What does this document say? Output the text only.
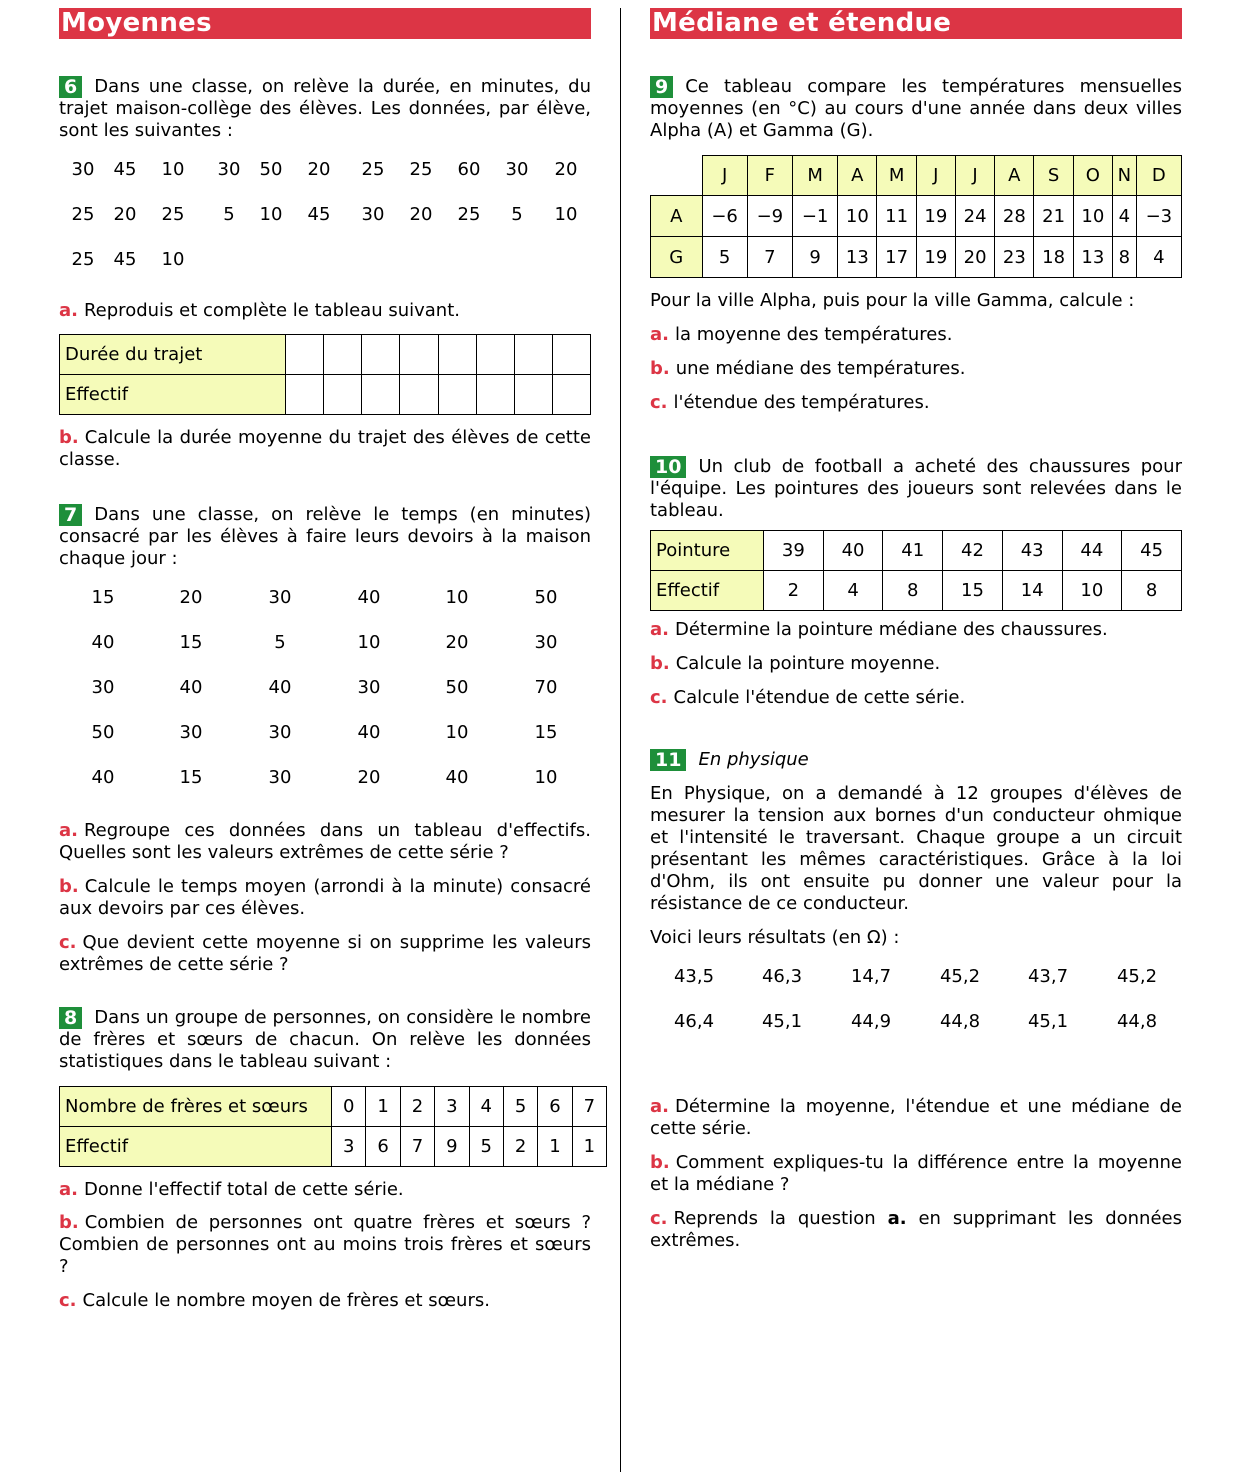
Moyennes

6 Dans une classe, on relève la durée, en minutes, du trajet maison-collège des élèves. Les données, par élève, sont les suivantes :

30	45	10	30	50	20	25	25	60	30	20
25	20	25	5	10	45	30	20	25	5	10
25	45	10

a. Reproduis et complète le tableau suivant.

Durée du trajet								
Effectif								

b. Calcule la durée moyenne du trajet des élèves de cette classe.

7 Dans une classe, on relève le temps (en minutes) consacré par les élèves à faire leurs devoirs à la maison chaque jour :

15	20	30	40	10	50
40	15	5	10	20	30
30	40	40	30	50	70
50	30	30	40	10	15
40	15	30	20	40	10

a. Regroupe ces données dans un tableau d'effectifs. Quelles sont les valeurs extrêmes de cette série ?

b. Calcule le temps moyen (arrondi à la minute) consacré aux devoirs par ces élèves.

c. Que devient cette moyenne si on supprime les valeurs extrêmes de cette série ?

8 Dans un groupe de personnes, on considère le nombre de frères et sœurs de chacun. On relève les données statistiques dans le tableau suivant :

Nombre de frères et sœurs	0	1	2	3	4	5	6	7
Effectif	3	6	7	9	5	2	1	1

a. Donne l'effectif total de cette série.

b. Combien de personnes ont quatre frères et sœurs ? Combien de personnes ont au moins trois frères et sœurs ?

c. Calcule le nombre moyen de frères et sœurs.

Médiane et étendue

9 Ce tableau compare les températures mensuelles moyennes (en °C) au cours d'une année dans deux villes Alpha (A) et Gamma (G).

	J	F	M	A	M	J	J	A	S	O	N	D
A	−6	−9	−1	10	11	19	24	28	21	10	4	−3
G	5	7	9	13	17	19	20	23	18	13	8	4

Pour la ville Alpha, puis pour la ville Gamma, calcule :

a. la moyenne des températures.

b. une médiane des températures.

c. l'étendue des températures.

10 Un club de football a acheté des chaussures pour l'équipe. Les pointures des joueurs sont relevées dans le tableau.

Pointure	39	40	41	42	43	44	45
Effectif	2	4	8	15	14	10	8

a. Détermine la pointure médiane des chaussures.

b. Calcule la pointure moyenne.

c. Calcule l'étendue de cette série.

11 En physique

En Physique, on a demandé à 12 groupes d'élèves de mesurer la tension aux bornes d'un conducteur ohmique et l'intensité le traversant. Chaque groupe a un circuit présentant les mêmes caractéristiques. Grâce à la loi d'Ohm, ils ont ensuite pu donner une valeur pour la résistance de ce conducteur.

Voici leurs résultats (en Ω) :

43,5	46,3	14,7	45,2	43,7	45,2
46,4	45,1	44,9	44,8	45,1	44,8

a. Détermine la moyenne, l'étendue et une médiane de cette série.

b. Comment expliques-tu la différence entre la moyenne et la médiane ?

c. Reprends la question a. en supprimant les données extrêmes.
